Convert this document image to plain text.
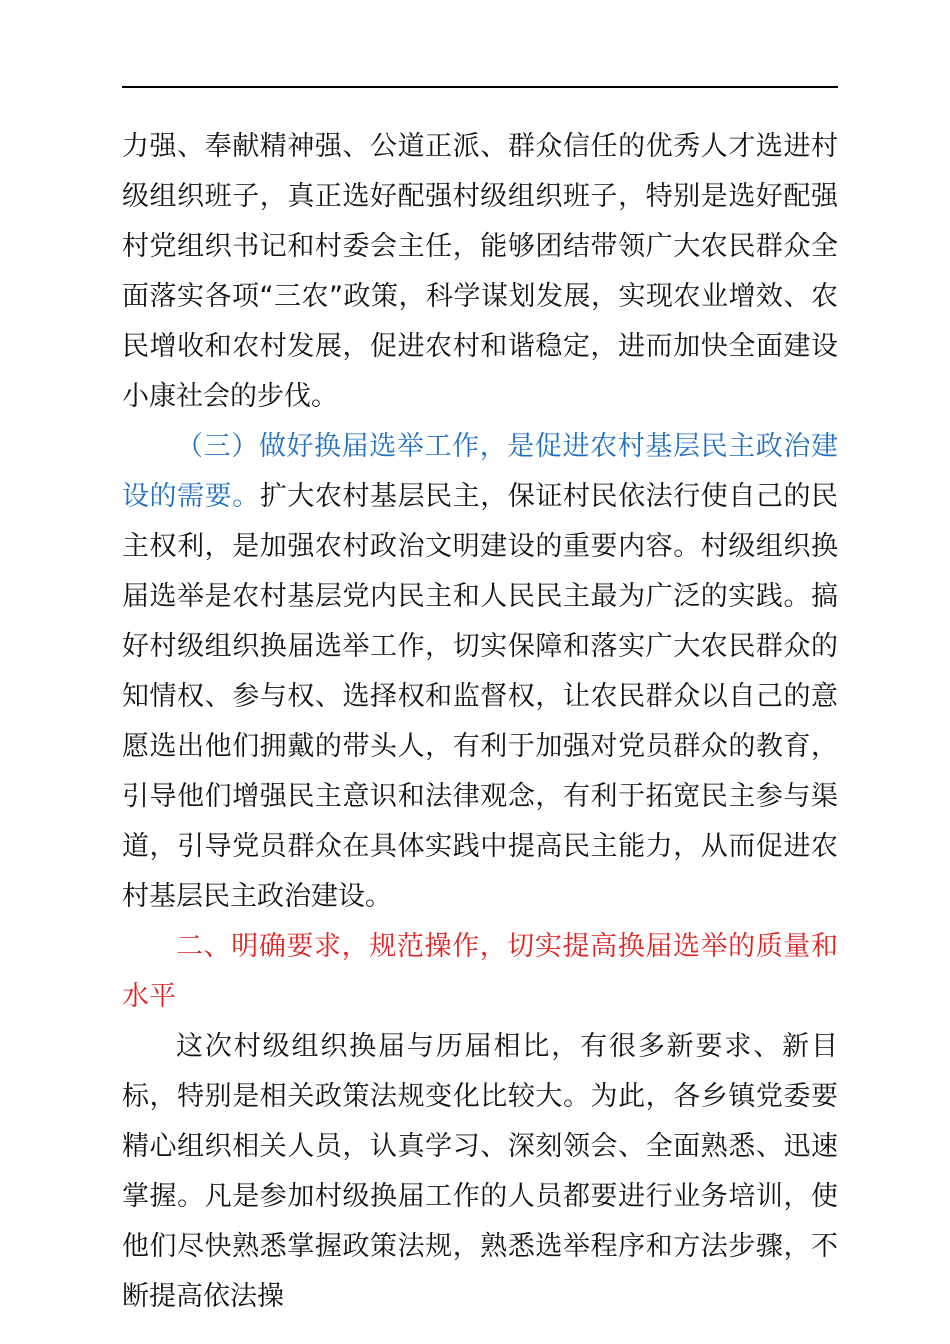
力强、奉献精神强、公道正派、群众信任的优秀人才选进村级组织班子，真正选好配强村级组织班子，特别是选好配强村党组织书记和村委会主任，能够团结带领广大农民群众全面落实各项“三农”政策，科学谋划发展，实现农业增效、农民增收和农村发展，促进农村和谐稳定，进而加快全面建设小康社会的步伐。

（三）做好换届选举工作，是促进农村基层民主政治建设的需要。扩大农村基层民主，保证村民依法行使自己的民主权利，是加强农村政治文明建设的重要内容。村级组织换届选举是农村基层党内民主和人民民主最为广泛的实践。搞好村级组织换届选举工作，切实保障和落实广大农民群众的知情权、参与权、选择权和监督权，让农民群众以自己的意愿选出他们拥戴的带头人，有利于加强对党员群众的教育，引导他们增强民主意识和法律观念，有利于拓宽民主参与渠道，引导党员群众在具体实践中提高民主能力，从而促进农村基层民主政治建设。

二、明确要求，规范操作，切实提高换届选举的质量和水平

这次村级组织换届与历届相比，有很多新要求、新目标，特别是相关政策法规变化比较大。为此，各乡镇党委要精心组织相关人员，认真学习、深刻领会、全面熟悉、迅速掌握。凡是参加村级换届工作的人员都要进行业务培训，使他们尽快熟悉掌握政策法规，熟悉选举程序和方法步骤，不断提高依法操
